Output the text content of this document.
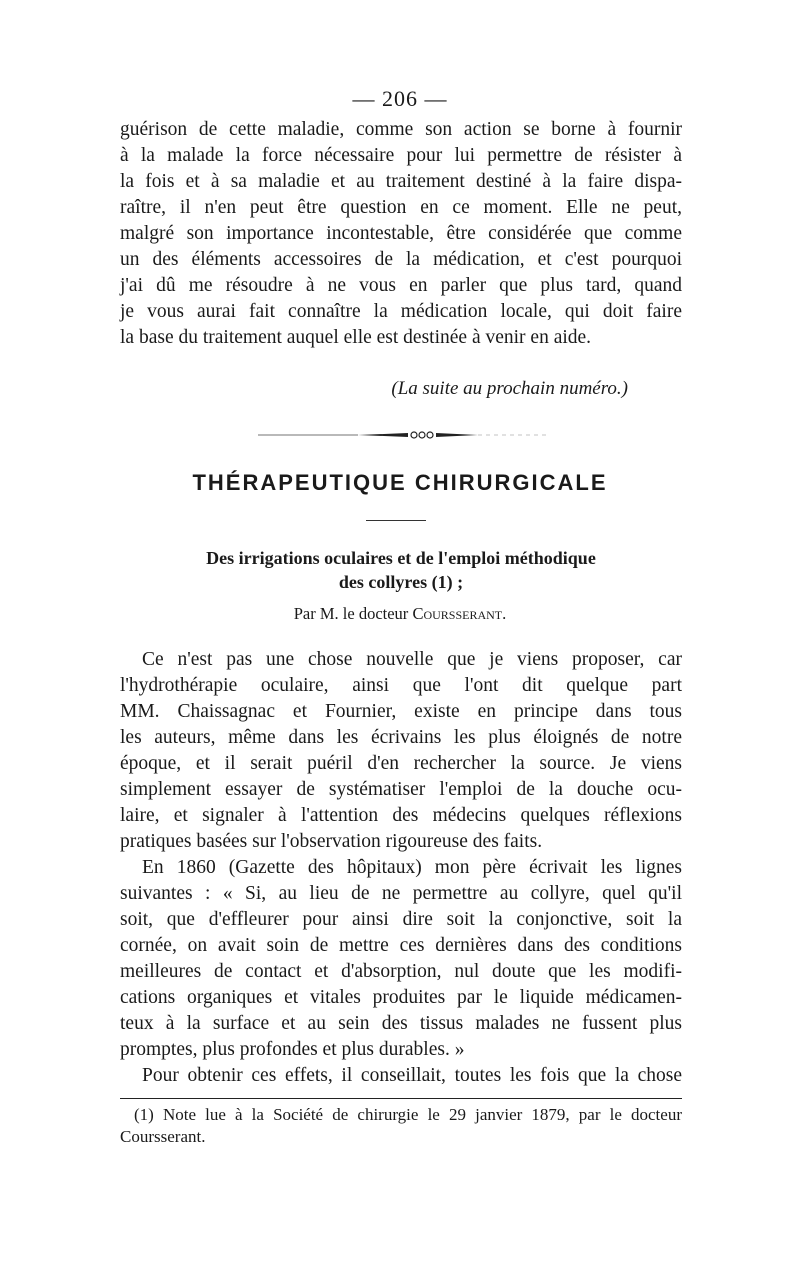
— 206 —
guérison de cette maladie, comme son action se borne à fournir
à la malade la force nécessaire pour lui permettre de résister à
la fois et à sa maladie et au traitement destiné à la faire dispa-
raître, il n'en peut être question en ce moment. Elle ne peut,
malgré son importance incontestable, être considérée que comme
un des éléments accessoires de la médication, et c'est pourquoi
j'ai dû me résoudre à ne vous en parler que plus tard, quand
je vous aurai fait connaître la médication locale, qui doit faire
la base du traitement auquel elle est destinée à venir en aide.
(La suite au prochain numéro.)
THÉRAPEUTIQUE CHIRURGICALE
Des irrigations oculaires et de l'emploi méthodique
des collyres (1) ;
Par M. le docteur Coursserant.
Ce n'est pas une chose nouvelle que je viens proposer, car
l'hydrothérapie oculaire, ainsi que l'ont dit quelque part
MM. Chaissagnac et Fournier, existe en principe dans tous
les auteurs, même dans les écrivains les plus éloignés de notre
époque, et il serait puéril d'en rechercher la source. Je viens
simplement essayer de systématiser l'emploi de la douche ocu-
laire, et signaler à l'attention des médecins quelques réflexions
pratiques basées sur l'observation rigoureuse des faits.
En 1860 (Gazette des hôpitaux) mon père écrivait les lignes
suivantes : « Si, au lieu de ne permettre au collyre, quel qu'il
soit, que d'effleurer pour ainsi dire soit la conjonctive, soit la
cornée, on avait soin de mettre ces dernières dans des conditions
meilleures de contact et d'absorption, nul doute que les modifi-
cations organiques et vitales produites par le liquide médicamen-
teux à la surface et au sein des tissus malades ne fussent plus
promptes, plus profondes et plus durables. »
Pour obtenir ces effets, il conseillait, toutes les fois que la chose
(1) Note lue à la Société de chirurgie le 29 janvier 1879, par le docteur
Coursserant.
